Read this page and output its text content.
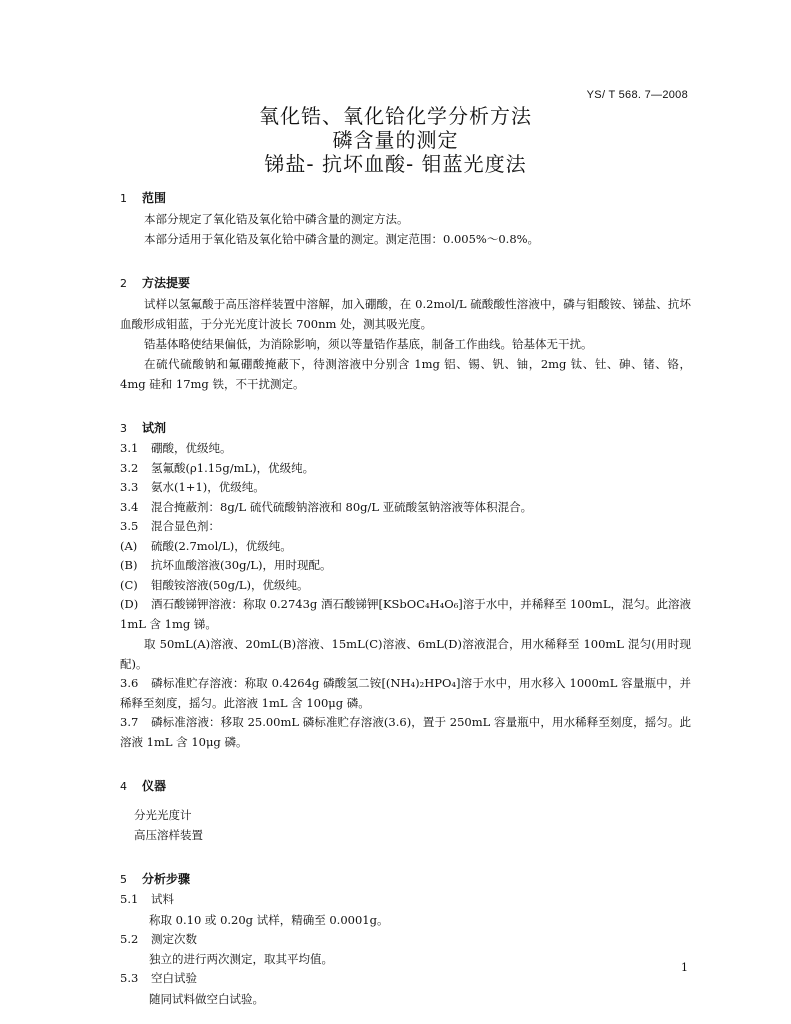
YS/ T 568. 7—2008
氧化锆、氧化铪化学分析方法
磷含量的测定
锑盐- 抗坏血酸- 钼蓝光度法
1 范围
本部分规定了氧化锆及氧化铪中磷含量的测定方法。
本部分适用于氧化锆及氧化铪中磷含量的测定。测定范围：0.005%～0.8%。
2 方法提要
试样以氢氟酸于高压溶样装置中溶解，加入硼酸，在 0.2mol/L 硫酸酸性溶液中，磷与钼酸铵、锑盐、抗坏血酸形成钼蓝，于分光光度计波长 700nm 处，测其吸光度。
锆基体略使结果偏低，为消除影响，须以等量锆作基底，制备工作曲线。铪基体无干扰。
在硫代硫酸钠和氟硼酸掩蔽下，待测溶液中分别含 1mg 铝、锡、钒、铀，2mg 钛、钍、砷、锗、铬，4mg 硅和 17mg 铁，不干扰测定。
3 试剂
3.1 硼酸，优级纯。
3.2 氢氟酸(ρ1.15g/mL)，优级纯。
3.3 氨水(1+1)，优级纯。
3.4 混合掩蔽剂：8g/L 硫代硫酸钠溶液和 80g/L 亚硫酸氢钠溶液等体积混合。
3.5 混合显色剂：
(A) 硫酸(2.7mol/L)，优级纯。
(B) 抗坏血酸溶液(30g/L)，用时现配。
(C) 钼酸铵溶液(50g/L)，优级纯。
(D) 酒石酸锑钾溶液：称取 0.2743g 酒石酸锑钾[KSbOC₄H₄O₆]溶于水中，并稀释至 100mL，混匀。此溶液 1mL 含 1mg 锑。
取 50mL(A)溶液、20mL(B)溶液、15mL(C)溶液、6mL(D)溶液混合，用水稀释至 100mL 混匀(用时现配)。
3.6 磷标准贮存溶液：称取 0.4264g 磷酸氢二铵[(NH₄)₂HPO₄]溶于水中，用水移入 1000mL 容量瓶中，并稀释至刻度，摇匀。此溶液 1mL 含 100μg 磷。
3.7 磷标准溶液：移取 25.00mL 磷标准贮存溶液(3.6)，置于 250mL 容量瓶中，用水稀释至刻度，摇匀。此溶液 1mL 含 10μg 磷。
4 仪器
分光光度计
高压溶样装置
5 分析步骤
5.1 试料
称取 0.10 或 0.20g 试样，精确至 0.0001g。
5.2 测定次数
独立的进行两次测定，取其平均值。
5.3 空白试验
随同试料做空白试验。
1
